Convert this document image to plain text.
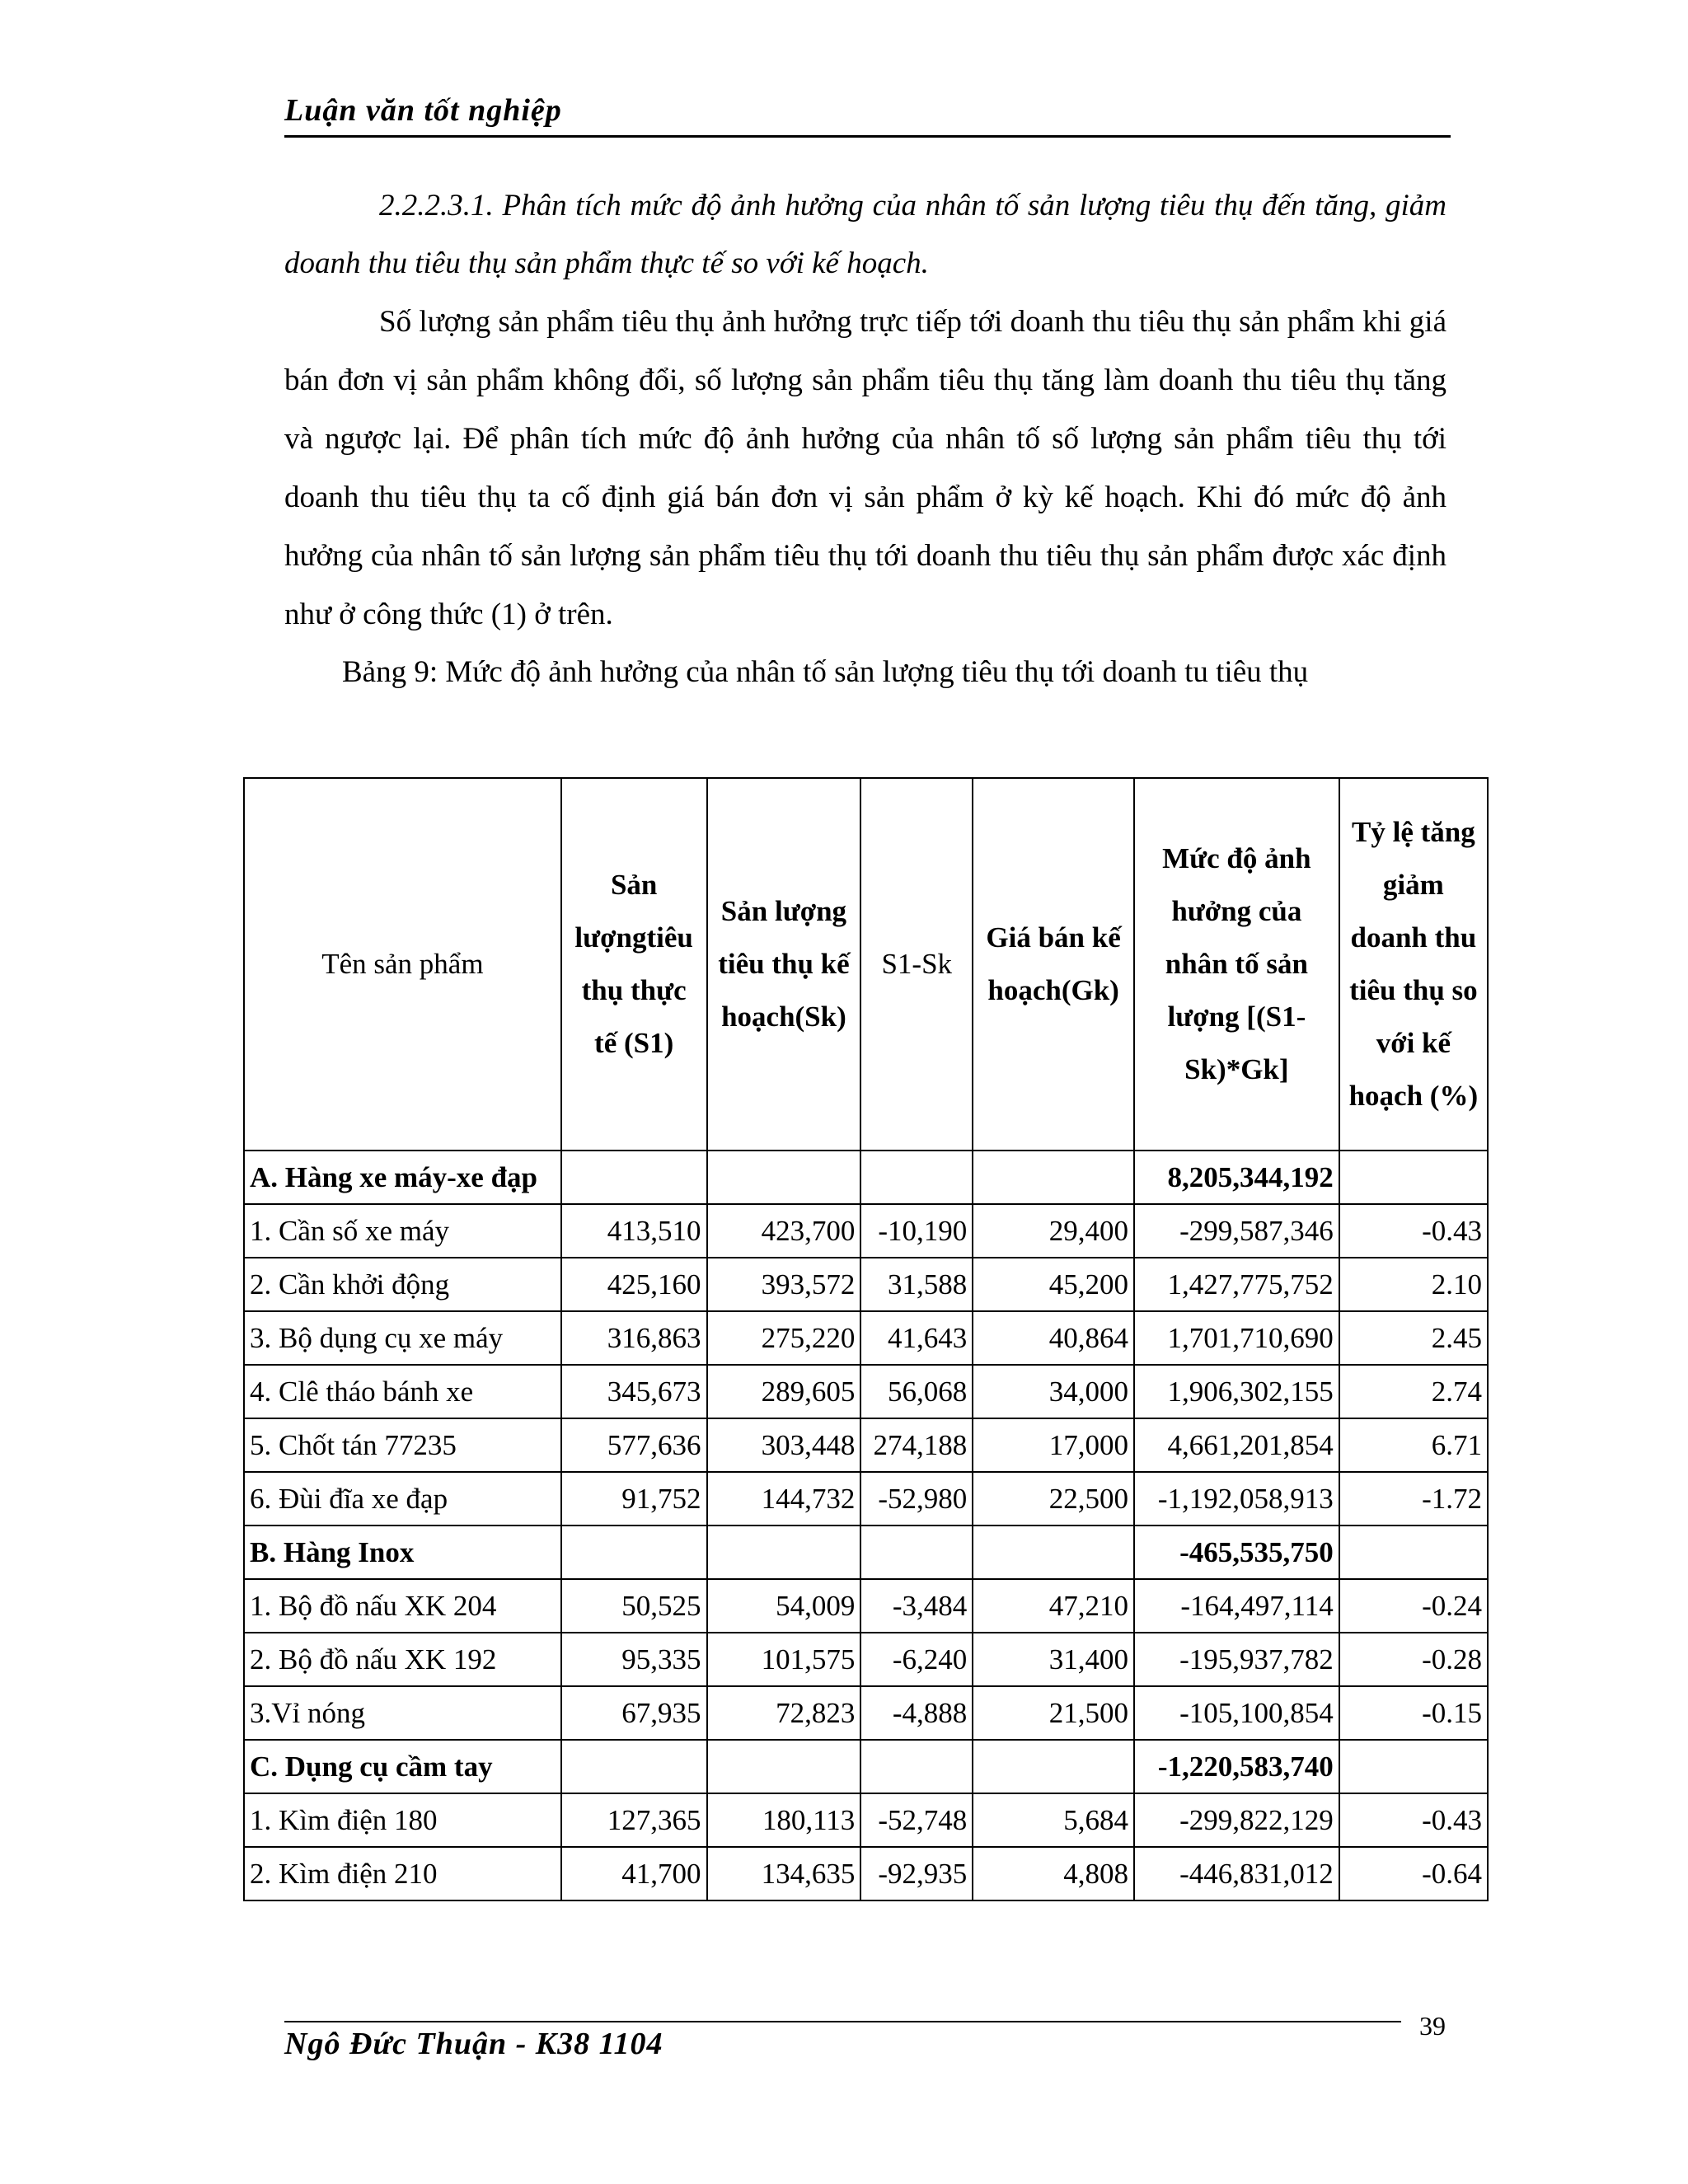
Luận văn tốt nghiệp

2.2.2.3.1. Phân tích mức độ ảnh hưởng của nhân tố sản lượng tiêu thụ đến tăng, giảm doanh thu tiêu thụ sản phẩm thực tế so với kế hoạch.

Số lượng sản phẩm tiêu thụ ảnh hưởng trực tiếp tới doanh thu tiêu thụ sản phẩm khi giá bán đơn vị sản phẩm không đổi, số lượng sản phẩm tiêu thụ tăng làm doanh thu tiêu thụ tăng và ngược lại. Để phân tích mức độ ảnh hưởng của nhân tố số lượng sản phẩm tiêu thụ tới doanh thu tiêu thụ ta cố định giá bán đơn vị sản phẩm ở kỳ kế hoạch. Khi đó mức độ ảnh hưởng của nhân tố sản lượng sản phẩm tiêu thụ tới doanh thu tiêu thụ sản phẩm được xác định như ở công thức (1) ở trên.

Bảng 9: Mức độ ảnh hưởng của nhân tố sản lượng tiêu thụ tới doanh tu tiêu thụ

Tên sản phẩm	Sản lượngtiêu thụ thực tế (S1)	Sản lượng tiêu thụ kế hoạch(Sk)	S1-Sk	Giá bán kế hoạch(Gk)	Mức độ ảnh hưởng của nhân tố sản lượng [(S1-Sk)*Gk]	Tỷ lệ tăng giảm doanh thu tiêu thụ so với kế hoạch (%)
A. Hàng xe máy-xe đạp					8,205,344,192	
1. Cần số xe máy	413,510	423,700	-10,190	29,400	-299,587,346	-0.43
2. Cần khởi động	425,160	393,572	31,588	45,200	1,427,775,752	2.10
3. Bộ dụng cụ xe máy	316,863	275,220	41,643	40,864	1,701,710,690	2.45
4. Clê tháo bánh xe	345,673	289,605	56,068	34,000	1,906,302,155	2.74
5. Chốt tán 77235	577,636	303,448	274,188	17,000	4,661,201,854	6.71
6. Đùi đĩa xe đạp	91,752	144,732	-52,980	22,500	-1,192,058,913	-1.72
B. Hàng Inox					-465,535,750	
1. Bộ đồ nấu XK 204	50,525	54,009	-3,484	47,210	-164,497,114	-0.24
2. Bộ đồ nấu XK 192	95,335	101,575	-6,240	31,400	-195,937,782	-0.28
3.Vỉ nóng	67,935	72,823	-4,888	21,500	-105,100,854	-0.15
C. Dụng cụ cầm tay					-1,220,583,740	
1. Kìm điện 180	127,365	180,113	-52,748	5,684	-299,822,129	-0.43
2. Kìm điện 210	41,700	134,635	-92,935	4,808	-446,831,012	-0.64
Ngô Đức Thuận - K38 1104
39
